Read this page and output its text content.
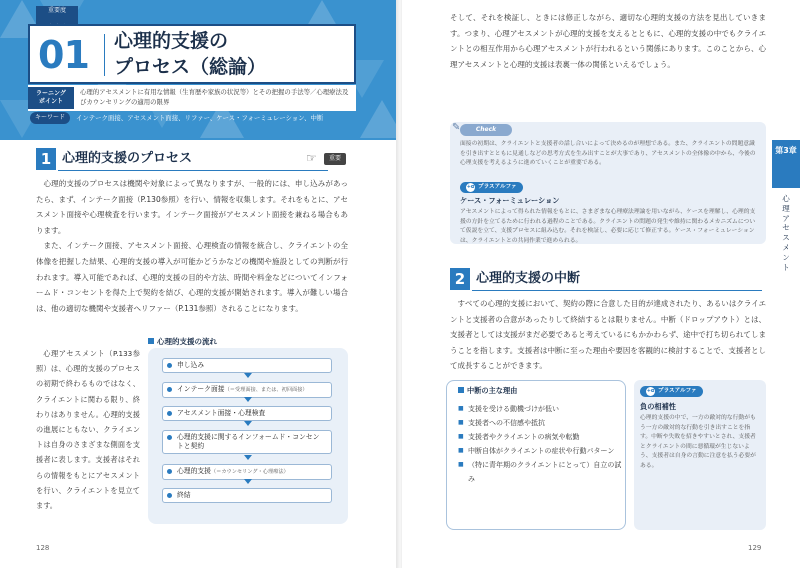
重要度
01 心理的支援の
プロセス（総論）
ラーニング
ポイント
心理的アセスメントに有用な情報（生育歴や家族の状況等）とその把握の手法等／心理療法及びカウンセリングの適用の限界
キーワード	インテーク面接、アセスメント面接、リファー、ケース・フォーミュレーション、中断
1 心理的支援のプロセス	☞	重要

心理的支援のプロセスは機関や対象によって異なりますが、一般的には、申し込みがあったら、まず、インテーク面接（P.130参照）を行い、情報を収集します。それをもとに、アセスメント面接や心理検査を行います。インテーク面接がアセスメント面接を兼ねる場合もあります。

また、インテーク面接、アセスメント面接、心理検査の情報を統合し、クライエントの全体像を把握した結果、心理的支援の導入が可能かどうかなどの機関や施設としての判断が行われます。導入可能であれば、心理的支援の目的や方法、時間や料金などについてインフォームド・コンセントを得た上で契約を結び、心理的支援が開始されます。導入が難しい場合は、他の適切な機関や支援者へリファー（P.131参照）されることになります。

心理アセスメント（P.133参照）は、心理的支援のプロセスの初期で終わるものではなく、クライエントに関わる限り、終わりはありません。心理的支援の進展にともない、クライエントは自身のさまざまな側面を支援者に表します。支援者はそれらの情報をもとにアセスメントを行い、クライエントを見立てます。

心理的支援の流れ
申し込み
インテーク面接（＝受理面接、または、初回面接）
アセスメント面接・心理検査
心理的支援に関するインフォームド・コンセントと契約
心理的支援（＝カウンセリング・心理療法）
終結
128

そして、それを検証し、ときには修正しながら、適切な心理的支援の方法を見出していきます。つまり、心理アセスメントが心理的支援を支えるとともに、心理的支援の中でもクライエントとの相互作用から心理アセスメントが行われるという関係にあります。このことから、心理アセスメントと心理的支援は表裏一体の関係といえるでしょう。

✎	Check
面接の初期は、クライエントと支援者の話し合いによって決めるのが理想である。また、クライエントの問題意識を引き出すとともに見通しなどの思考方式を生み出すことが大事であり、アセスメントの全体像の中から、今後の心理支援を考えるように進めていくことが重要である。
+α プラスアルファ
ケース・フォーミュレーション
アセスメントによって得られた情報をもとに、さまざまな心理療法理論を用いながら、ケースを理解し、心理的支援の方針を立てるために行われる過程のことである。クライエントの問題の発生や維持に関わるメカニズムについて仮説を立て、支援プロセスに組み込む。それを検証し、必要に応じて修正する。ケース・フォーミュレーションは、クライエントとの共同作業で進められる。
第3章
心理アセスメント
2 心理的支援の中断

すべての心理的支援において、契約の際に合意した目的が達成されたり、あるいはクライエントと支援者の合意があったりして終結するとは限りません。中断（ドロップアウト）とは、支援者としては支援がまだ必要であると考えているにもかかわらず、途中で打ち切られてしまうことを指します。支援者は中断に至った理由や要因を客観的に検討することで、支援者として成長することができます。

中断の主な理由
■ 支援を受ける動機づけが低い
■ 支援者への不信感や抵抗
■ 支援者やクライエントの病気や転勤
■ 中断自体がクライエントの症状や行動パターン
■ （特に青年期のクライエントにとって）自立の試み
+α プラスアルファ
負の相補性
心理的支援の中で、一方の敵対的な行動がもう一方の敵対的な行動を引き出すことを指す。中断や失敗を招きやすいとされ、支援者とクライエントの間に悪循環が生じないよう、支援者は自身の言動に注意を払う必要がある。
129
